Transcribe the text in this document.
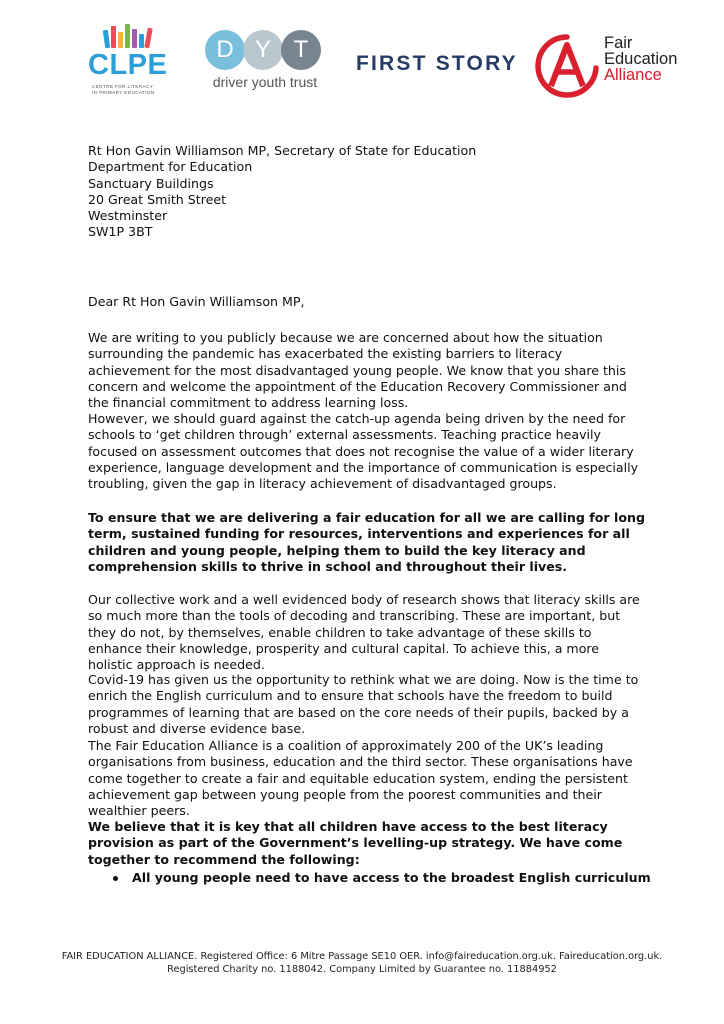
CLPE
CENTRE FOR LITERACY
IN PRIMARY EDUCATION
D Y T
driver youth trust
FIRST STORY
Fair
Education
Alliance
Rt Hon Gavin Williamson MP, Secretary of State for Education
Department for Education
Sanctuary Buildings
20 Great Smith Street
Westminster
SW1P 3BT
Dear Rt Hon Gavin Williamson MP,
We are writing to you publicly because we are concerned about how the situation surrounding the pandemic has exacerbated the existing barriers to literacy achievement for the most disadvantaged young people. We know that you share this concern and welcome the appointment of the Education Recovery Commissioner and the financial commitment to address learning loss.
However, we should guard against the catch-up agenda being driven by the need for schools to ‘get children through’ external assessments. Teaching practice heavily focused on assessment outcomes that does not recognise the value of a wider literary experience, language development and the importance of communication is especially troubling, given the gap in literacy achievement of disadvantaged groups.
To ensure that we are delivering a fair education for all we are calling for long term, sustained funding for resources, interventions and experiences for all children and young people, helping them to build the key literacy and comprehension skills to thrive in school and throughout their lives.
Our collective work and a well evidenced body of research shows that literacy skills are so much more than the tools of decoding and transcribing. These are important, but they do not, by themselves, enable children to take advantage of these skills to enhance their knowledge, prosperity and cultural capital. To achieve this, a more holistic approach is needed.
Covid-19 has given us the opportunity to rethink what we are doing. Now is the time to enrich the English curriculum and to ensure that schools have the freedom to build programmes of learning that are based on the core needs of their pupils, backed by a robust and diverse evidence base.
The Fair Education Alliance is a coalition of approximately 200 of the UK’s leading organisations from business, education and the third sector. These organisations have come together to create a fair and equitable education system, ending the persistent achievement gap between young people from the poorest communities and their wealthier peers.
We believe that it is key that all children have access to the best literacy provision as part of the Government’s levelling-up strategy. We have come together to recommend the following:
All young people need to have access to the broadest English curriculum
FAIR EDUCATION ALLIANCE. Registered Office: 6 Mitre Passage SE10 OER. info@faireducation.org.uk. Faireducation.org.uk.
Registered Charity no. 1188042. Company Limited by Guarantee no. 11884952
